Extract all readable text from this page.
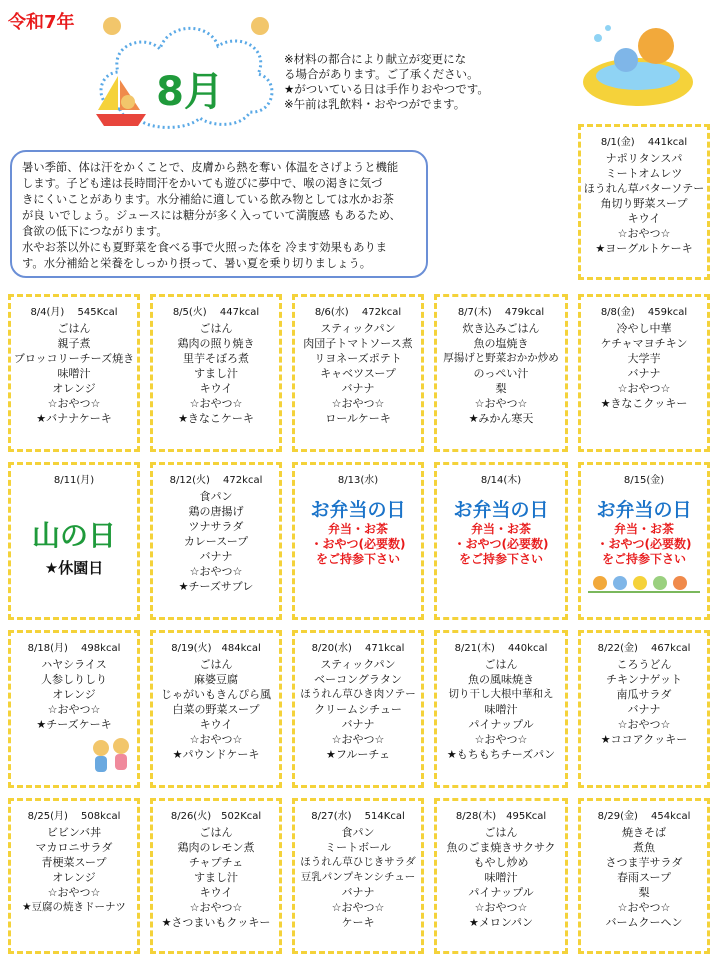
令和7年
8月
※材料の都合により献立が変更にな
る場合があります。ご了承ください。
★がついている日は手作りおやつです。
※午前は乳飲料・おやつがでます。
暑い季節、体は汗をかくことで、皮膚から熱を奪い 体温をさげようと機能
します。子ども達は長時間汗をかいても遊びに夢中で、喉の渇きに気づ
きにくいことがあります。水分補給に適している飲み物としては水かお茶
が良 いでしょう。ジュースには糖分が多く入っていて満腹感 もあるため、
食欲の低下につながります。
水やお茶以外にも夏野菜を食べる事で火照った体を 冷ます効果もありま
す。水分補給と栄養をしっかり摂って、暑い夏を乗り切りましょう。
8/1(金)　 441kcal
ナポリタンスパ
ミートオムレツ
ほうれん草バターソテー
角切り野菜スープ
キウイ
☆おやつ☆
★ヨーグルトケーキ
8/4(月)　 545Kcal
ごはん
親子煮
ブロッコリーチーズ焼き
味噌汁
オレンジ
☆おやつ☆
★バナナケーキ
8/5(火)　 447kcal
ごはん
鶏肉の照り焼き
里芋そぼろ煮
すまし汁
キウイ
☆おやつ☆
★きなこケーキ
8/6(水)　 472kcal
スティックパン
肉団子トマトソース煮
リヨネーズポテト
キャベツスープ
バナナ
☆おやつ☆
ロールケーキ
8/7(木)　 479kcal
炊き込みごはん
魚の塩焼き
厚揚げと野菜おかか炒め
のっぺい汁
梨
☆おやつ☆
★みかん寒天
8/8(金)　 459kcal
冷やし中華
ケチャマヨチキン
大学芋
バナナ
☆おやつ☆
★きなこクッキー
8/11(月)
山の日
★休園日
8/12(火)　 472kcal
食パン
鶏の唐揚げ
ツナサラダ
カレースープ
バナナ
☆おやつ☆
★チーズサブレ
8/13(水)
お弁当の日
弁当・お茶
・おやつ(必要数)
をご持参下さい
8/14(木)
お弁当の日
弁当・お茶
・おやつ(必要数)
をご持参下さい
8/15(金)
お弁当の日
弁当・お茶
・おやつ(必要数)
をご持参下さい
8/18(月)　 498kcal
ハヤシライス
人参しりしり
オレンジ
☆おやつ☆
★チーズケーキ
8/19(火)　484kcal
ごはん
麻婆豆腐
じゃがいもきんぴら風
白菜の野菜スープ
キウイ
☆おやつ☆
★パウンドケーキ
8/20(水)　 471kcal
スティックパン
ベーコングラタン
ほうれん草ひき肉ソテー
クリームシチュー
バナナ
☆おやつ☆
★フルーチェ
8/21(木)　 440kcal
ごはん
魚の風味焼き
切り干し大根中華和え
味噌汁
パイナップル
☆おやつ☆
★もちもちチーズパン
8/22(金)　 467kcal
ころうどん
チキンナゲット
南瓜サラダ
バナナ
☆おやつ☆
★ココアクッキー
8/25(月)　 508kcal
ビビンバ丼
マカロニサラダ
青梗菜スープ
オレンジ
☆おやつ☆
★豆腐の焼きドーナツ
8/26(火)　502Kcal
ごはん
鶏肉のレモン煮
チャプチェ
すまし汁
キウイ
☆おやつ☆
★さつまいもクッキー
8/27(水)　 514Kcal
食パン
ミートボール
ほうれん草ひじきサラダ
豆乳パンプキンシチュー
バナナ
☆おやつ☆
ケーキ
8/28(木)　495Kcal
ごはん
魚のごま焼きサクサク
もやし炒め
味噌汁
パイナップル
☆おやつ☆
★メロンパン
8/29(金)　 454kcal
焼きそば
煮魚
さつま芋サラダ
春雨スープ
梨
☆おやつ☆
バームクーヘン
